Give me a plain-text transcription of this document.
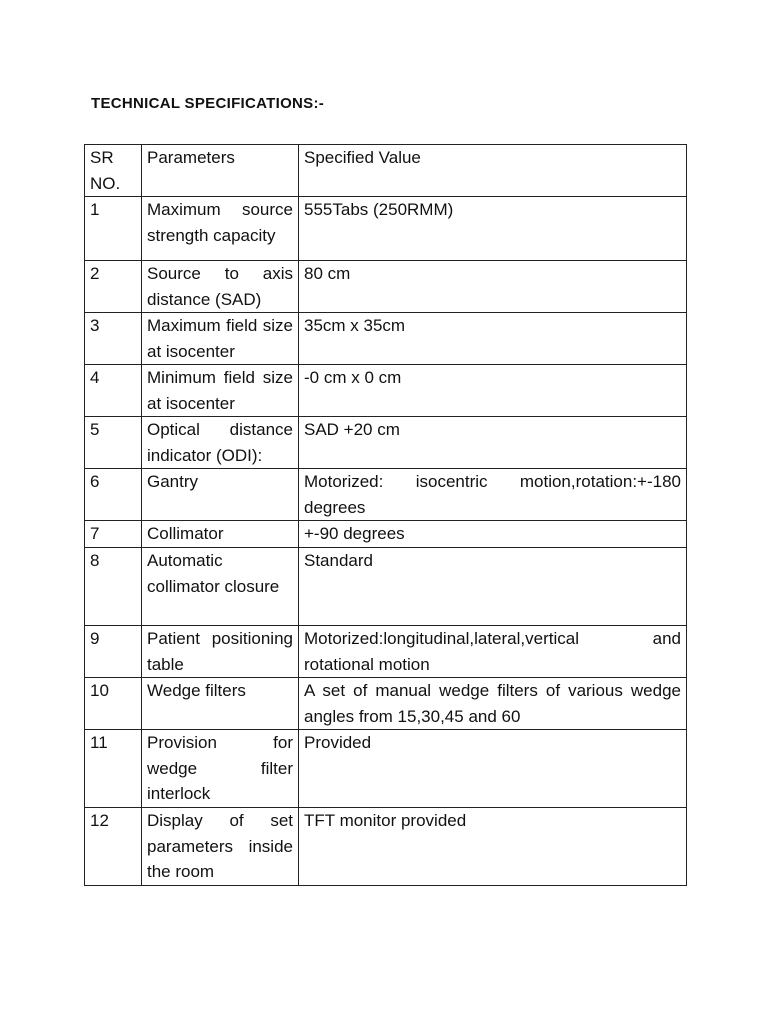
TECHNICAL SPECIFICATIONS:-
SR NO.	Parameters	Specified Value
1	Maximum source strength capacity	555Tabs (250RMM)
2	Source to axis distance (SAD)	80 cm
3	Maximum field size at isocenter	35cm x 35cm
4	Minimum field size at isocenter	-0 cm x 0 cm
5	Optical distance indicator (ODI):	SAD +20 cm
6	Gantry	Motorized: isocentric motion,rotation:+-180 degrees
7	Collimator	+-90 degrees
8	Automatic collimator closure	Standard
9	Patient positioning table	Motorized:longitudinal,lateral,vertical and rotational motion
10	Wedge filters	A set of manual wedge filters of various wedge angles from 15,30,45 and 60
11	Provision for wedge filter interlock	Provided
12	Display of set parameters inside the room	TFT monitor provided
